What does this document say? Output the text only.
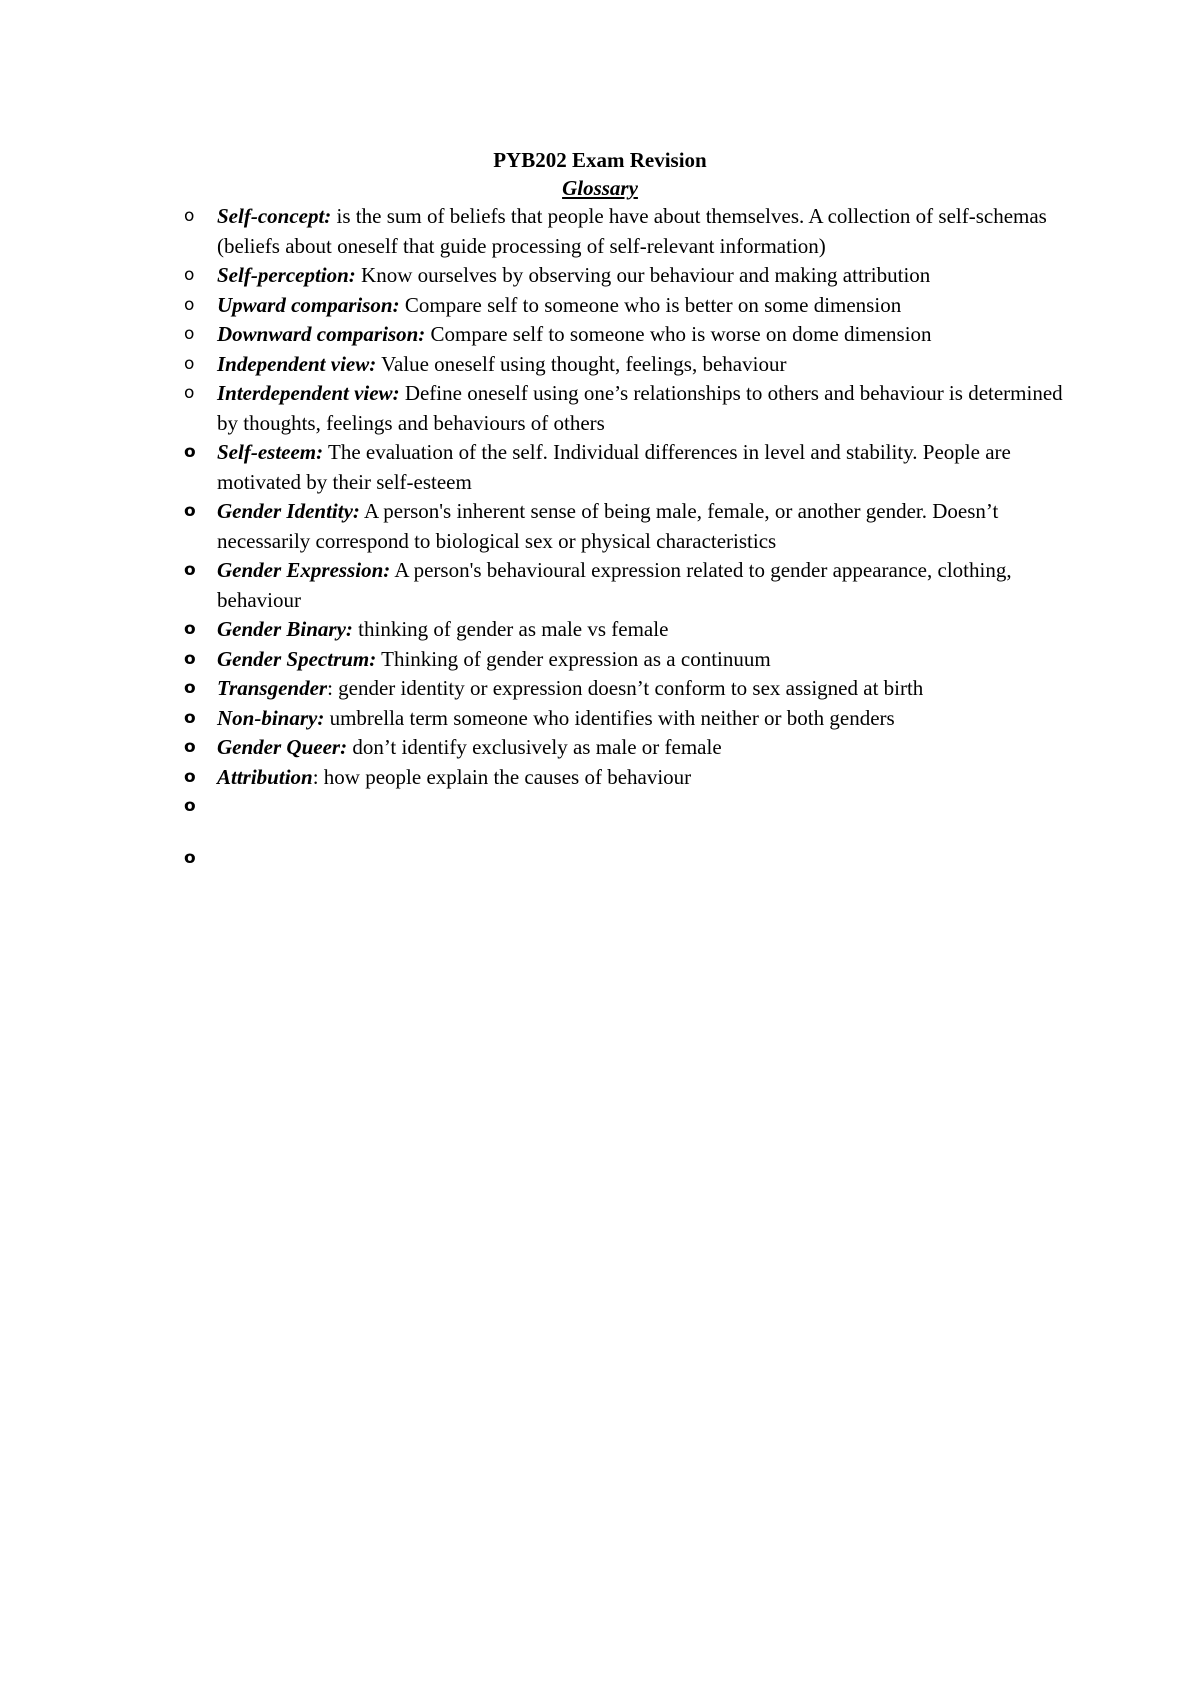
PYB202 Exam Revision
Glossary
o	Self-concept: is the sum of beliefs that people have about themselves. A collection of self-schemas (beliefs about oneself that guide processing of self-relevant information)
o	Self-perception: Know ourselves by observing our behaviour and making attribution
o	Upward comparison: Compare self to someone who is better on some dimension
o	Downward comparison: Compare self to someone who is worse on dome dimension
o	Independent view: Value oneself using thought, feelings, behaviour
o	Interdependent view: Define oneself using one’s relationships to others and behaviour is determined by thoughts, feelings and behaviours of others
o	Self-esteem: The evaluation of the self. Individual differences in level and stability. People are motivated by their self-esteem
o	Gender Identity: A person's inherent sense of being male, female, or another gender. Doesn’t necessarily correspond to biological sex or physical characteristics
o	Gender Expression: A person's behavioural expression related to gender appearance, clothing, behaviour
o	Gender Binary: thinking of gender as male vs female
o	Gender Spectrum: Thinking of gender expression as a continuum
o	Transgender: gender identity or expression doesn’t conform to sex assigned at birth
o	Non-binary: umbrella term someone who identifies with neither or both genders
o	Gender Queer: don’t identify exclusively as male or female
o	Attribution: how people explain the causes of behaviour
o
o
